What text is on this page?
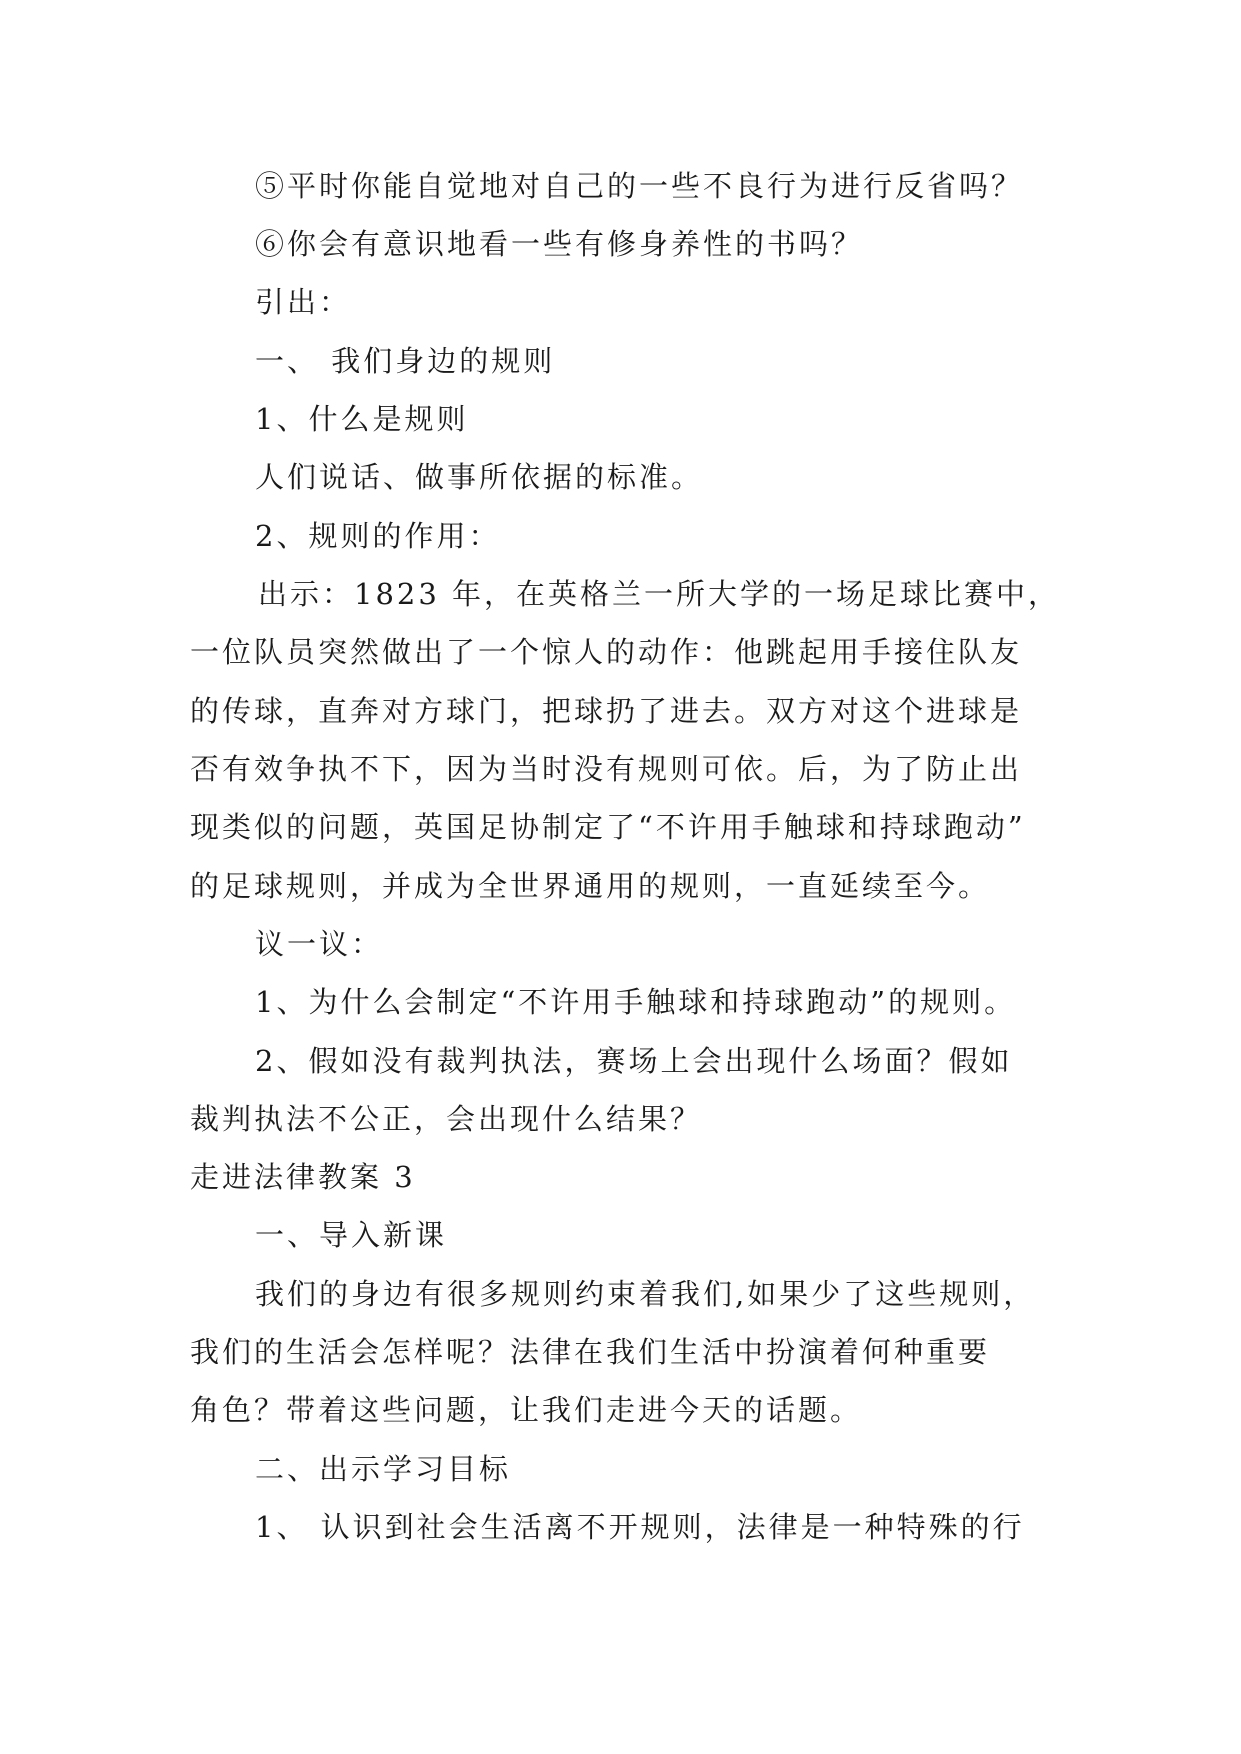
⑤平时你能自觉地对自己的一些不良行为进行反省吗？
⑥你会有意识地看一些有修身养性的书吗？
引出：
一、 我们身边的规则
1、什么是规则
人们说话、做事所依据的标准。
2、规则的作用：
出示：1823 年，在英格兰一所大学的一场足球比赛中，
一位队员突然做出了一个惊人的动作：他跳起用手接住队友
的传球，直奔对方球门，把球扔了进去。双方对这个进球是
否有效争执不下，因为当时没有规则可依。后，为了防止出
现类似的问题，英国足协制定了“不许用手触球和持球跑动”
的足球规则，并成为全世界通用的规则，一直延续至今。
议一议：
1、为什么会制定“不许用手触球和持球跑动”的规则。
2、假如没有裁判执法，赛场上会出现什么场面？假如
裁判执法不公正，会出现什么结果？
走进法律教案 3
一、导入新课
我们的身边有很多规则约束着我们,如果少了这些规则，
我们的生活会怎样呢？法律在我们生活中扮演着何种重要
角色？带着这些问题，让我们走进今天的话题。
二、出示学习目标
1、 认识到社会生活离不开规则，法律是一种特殊的行
